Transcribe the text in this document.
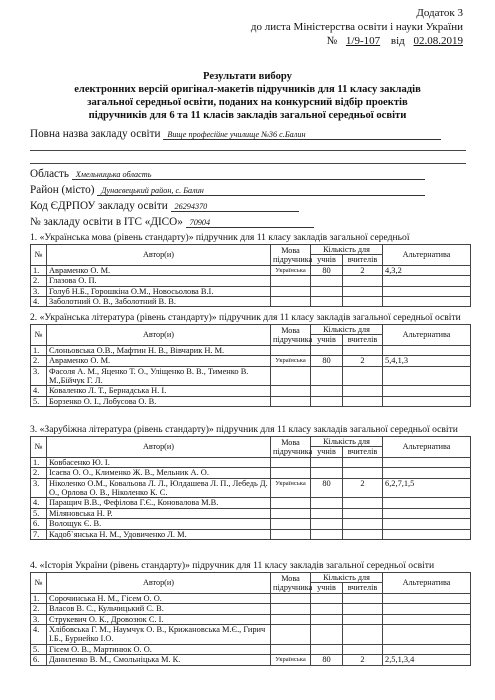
Додаток 3
до листа Міністерства освіти і науки України
№ 1/9-107 від 02.08.2019
Результати вибору
електронних версій оригінал-макетів підручників для 11 класу закладів
загальної середньої освіти, поданих на конкурсний відбір проектів
підручників для 6 та 11 класів закладів загальної середньої освіти
Повна назва закладу освіти Вище професійне училище №36 с.Балин
Область Хмельницька область
Район (місто) Дунаєвецький район, с. Балин
Код ЄДРПОУ закладу освіти 26294370
№ закладу освіти в ІТС «ДІСО» 70904
1. «Українська мова (рівень стандарту)» підручник для 11 класу закладів загальної середньої
№	Автор(и)	Мова підручника	Кількість для		Альтернатива
			учнів	вчителів	
1.	Авраменко О. М.	Українська	80	2	4,3,2
2.	Глазова О. П.				
3.	Голуб Н.Б., Горошкіна О.М., Новосьолова В.І.				
4.	Заболотний О. В., Заболотний В. В.				
2. «Українська література (рівень стандарту)» підручник для 11 класу закладів загальної середньої освіти
№	Автор(и)	Мова підручника	Кількість для		Альтернатива
			учнів	вчителів	
1.	Слоньовська О.В., Мафтин Н. В., Вівчарик Н. М.				
2.	Авраменко О. М.	Українська	80	2	5,4,1,3
3.	Фасоля А. М., Яценко Т. О., Уліщенко В. В., Тименко В. М.,Бійчук Г. Л.				
4.	Коваленко Л. Т., Бернадська Н. І.				
5.	Борзенко О. І., Лобусова О. В.				
3. «Зарубіжна література (рівень стандарту)» підручник для 11 класу закладів загальної середньої освіти
№	Автор(и)	Мова підручника	Кількість для		Альтернатива
			учнів	вчителів	
1.	Ковбасенко Ю. І.				
2.	Ісаєва О. О., Клименко Ж. В., Мельник А. О.				
3.	Ніколенко О.М., Ковальова Л. Л., Юлдашева Л. П., Лебедь Д. О., Орлова О. В., Ніколенко К. С.	Українська	80	2	6,2,7,1,5
4.	Паращич В.В., Фефілова Г.Є., Коновалова М.В.				
5.	Міляновська Н. Р.				
6.	Волощук Є. В.				
7.	Кадоб`янська Н. М., Удовиченко Л. М.				
4. «Історія України (рівень стандарту)» підручник для 11 класу закладів загальної середньої освіти
№	Автор(и)	Мова підручника	Кількість для		Альтернатива
			учнів	вчителів	
1.	Сорочинська Н. М., Гісем О. О.				
2.	Власов В. С., Кульчицький С. В.				
3.	Струкевич О. К., Дровозюк С. І.				
4.	Хлібовська Г. М., Наумчук О. В., Крижановська М.Є., Гирич І.Б., Бурнейко І.О.				
5.	Гісем О. В., Мартинюк О. О.				
6.	Даниленко В. М., Смольніцька М. К.	Українська	80	2	2,5,1,3,4
